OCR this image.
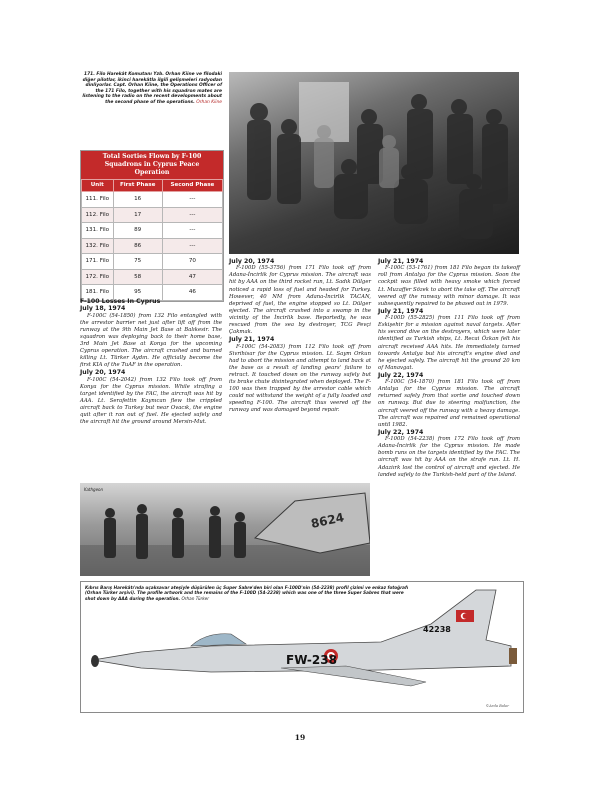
171. Filo Harekât Komutanı Yzb. Orhan Kiine ve filodaki diğer pilotlar, ikinci harekâtla ilgili gelişmeleri radyodan dinliyorlar. Capt. Orhan Kiine, the Operations Officer of the 171 Filo, together with his squadron mates are listening to the radio on the recent developments about the second phase of the operations. Orhan Kiine
Total Sorties Flown by F-100 Squadrons in Cyprus Peace Operation
Unit	First Phase	Second Phase
111. Filo	16	---
112. Filo	17	---
131. Filo	89	---
132. Filo	86	---
171. Filo	75	70
172. Filo	58	47
181. Filo	95	46
F-100 Losses In Cyprus
July 18, 1974

F-100C (54-1850) from 132 Filo entangled with the arrestor barrier net just after lift off from the runway at the 9th Main Jet Base at Balıkesir. The squadron was deploying back to their home base, 3rd Main Jet Base at Konya for the upcoming Cyprus operation. The aircraft crashed and burned killing Lt. Türker Aydın. He officially become the first KIA of the TuAF in the operation.

July 20, 1974

F-100C (54-2042) from 132 Filo took off from Konya for the Cyprus mission. While strafing a target identified by the FAC, the aircraft was hit by AAA. Lt. Serafettin Kaynıcan flew the crippled aircraft back to Turkey but near Ovacık, the engine quit after it ran out of fuel. He ejected safely and the aircraft hit the ground around Mersin-Mut.

July 20, 1974

F-100D (55-3756) from 171 Filo took off from Adana-İncirlik for Cyprus mission. The aircraft was hit by AAA on the third rocket run, Lt. Sadık Dülger noticed a rapid loss of fuel and headed for Turkey. However, 40 NM from Adana-İncirlik TACAN, deprived of fuel, the engine stopped so Lt. Dülger ejected. The aircraft crashed into a swamp in the vicinity of the İncirlik base. Reportedly, he was rescued from the sea by destroyer, TCG Pevçi Çakmak.

July 21, 1974

F-100C (54-2083) from 112 Filo took off from Sivrihisar for the Cyprus mission. Lt. Saym Orkun had to abort the mission and attempt to land back at the base as a result of landing gears' failure to retract. It touched down on the runway safely but its brake chute disintegrated when deployed. The F-100 was then trapped by the arrestor cable which could not withstand the weight of a fully loaded and speeding F-100. The aircraft thus veered off the runway and was damaged beyond repair.

July 21, 1974

F-100C (53-1761) from 181 Filo began its takeoff roll from Antalya for the Cyprus mission. Soon the cockpit was filled with heavy smoke which forced Lt. Muzaffer Sözek to abort the take off. The aircraft veered off the runway with minor damage. It was subsequently repaired to be phased out in 1979.

July 21, 1974

F-100D (55-2825) from 111 Filo took off from Eskişehir for a mission against naval targets. After his second dive on the destroyers, which were later identified as Turkish ships, Lt. Recai Özkan felt his aircraft received AAA hits. He immediately turned towards Antalya but his aircraft's engine died and he ejected safely. The aircraft hit the ground 20 km of Manavgat.

July 22, 1974

F-100C (54-1870) from 181 Filo took off from Antalya for the Cyprus mission. The aircraft returned safely from that sortie and touched down on runway. But due to steering malfunction, the aircraft veered off the runway with a heavy damage. The aircraft was repaired and remained operational until 1982.

July 22, 1974

F-100D (54-2238) from 172 Filo took off from Adana-İncirlik for the Cyprus mission. He made bomb runs on the targets identified by the FAC. The aircraft was hit by AAA on the strafe run. Lt. H. Adaziırk lost the control of aircraft and ejected. He landed safely to the Turkish-held part of the Island.

8624
Kathgeon
Kıbrıs Barış Harekâtı'nda uçaksavar ateşiyle düşürülen üç Super Sabre'den biri olan F-100D'nin (54-2238) profil çizimi ve enkaz fotoğrafı (Orhan Türker arşivi). The profile artwork and the remains of the F-100D (54-2238) which was one of the three Super Sabres that were shot down by AAA during the operation. Orhan Türker
FW-238
42238
©Arda Bakır
19
